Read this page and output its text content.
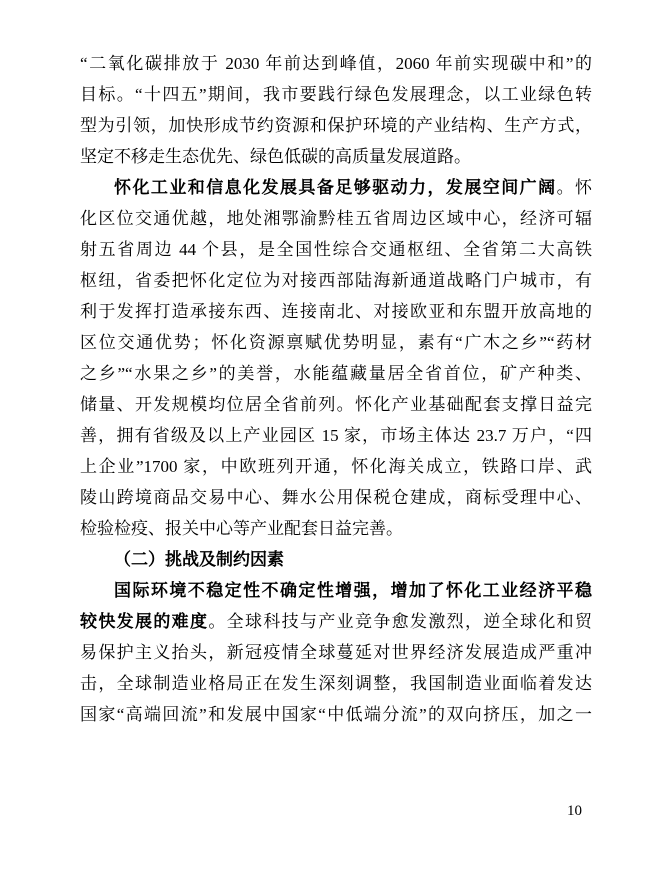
“二氧化碳排放于 2030 年前达到峰值，2060 年前实现碳中和”的
目标。“十四五”期间，我市要践行绿色发展理念，以工业绿色转
型为引领，加快形成节约资源和保护环境的产业结构、生产方式，
坚定不移走生态优先、绿色低碳的高质量发展道路。
怀化工业和信息化发展具备足够驱动力，发展空间广阔。怀
化区位交通优越，地处湘鄂渝黔桂五省周边区域中心，经济可辐
射五省周边 44 个县，是全国性综合交通枢纽、全省第二大高铁
枢纽，省委把怀化定位为对接西部陆海新通道战略门户城市，有
利于发挥打造承接东西、连接南北、对接欧亚和东盟开放高地的
区位交通优势；怀化资源禀赋优势明显，素有“广木之乡”“药材
之乡”“水果之乡”的美誉，水能蕴藏量居全省首位，矿产种类、
储量、开发规模均位居全省前列。怀化产业基础配套支撑日益完
善，拥有省级及以上产业园区 15 家，市场主体达 23.7 万户，“四
上企业”1700 家，中欧班列开通，怀化海关成立，铁路口岸、武
陵山跨境商品交易中心、舞水公用保税仓建成，商标受理中心、
检验检疫、报关中心等产业配套日益完善。
（二）挑战及制约因素
国际环境不稳定性不确定性增强，增加了怀化工业经济平稳
较快发展的难度。全球科技与产业竞争愈发激烈，逆全球化和贸
易保护主义抬头，新冠疫情全球蔓延对世界经济发展造成严重冲
击，全球制造业格局正在发生深刻调整，我国制造业面临着发达
国家“高端回流”和发展中国家“中低端分流”的双向挤压，加之一
10
